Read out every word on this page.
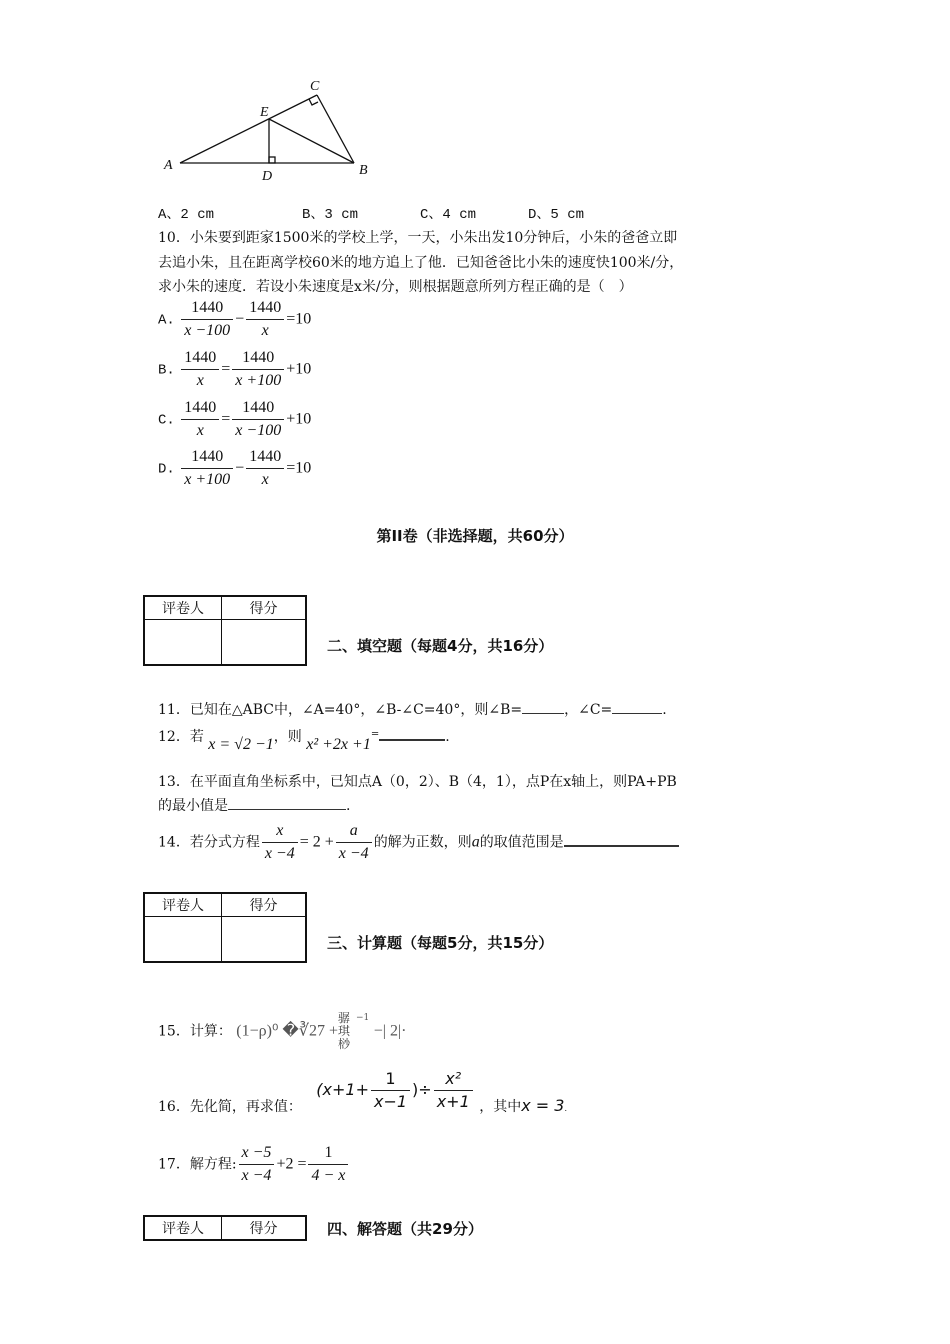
A	B
C
D
E
A、2 cm	B、3 cm	C、4 cm	D、5 cm
10．小朱要到距家1500米的学校上学，一天，小朱出发10分钟后，小朱的爸爸立即
去追小朱，且在距离学校60米的地方追上了他．已知爸爸比小朱的速度快100米/分，
求小朱的速度．若设小朱速度是x米/分，则根据题意所列方程正确的是（　）
A. $\frac{1440}{x -100} - \frac{1440}{x} =10$
B. $\frac{1440}{x} = \frac{1440}{x +100} +10$
C. $\frac{1440}{x} = \frac{1440}{x -100} +10$
D. $\frac{1440}{x +100} - \frac{1440}{x} =10$
第II卷（非选择题，共60分）
评卷人	得分

二、填空题（每题4分，共16分）
11．已知在△ABC中，∠A=40°，∠B-∠C=40°，则∠B=	，∠C=	.
12．若 x = √2 −1，则 x² +2x +1=	.
13．在平面直角坐标系中，已知点A（0，2）、B（4，1），点P在x轴上，则PA+PB
的最小值是	.
14．若分式方程 $\frac{x}{x -4} = 2 + \frac{a}{x -4}$ 的解为正数，则a的取值范围是
评卷人	得分

三、计算题（每题5分，共15分）
15．计算： (1−ρ)⁰ �∛27 +骣琪桫$^{-1}$ −| 2|·
16．先化简，再求值： ($x+1+ \frac{1}{x-1}$ )÷ $\frac{\text{x²}}{x+1}$ ，其中x = 3.
17．解方程: $\frac{x -5}{x -4} +2 = \frac{1}{4 - x}$
评卷人	得分	四、解答题（共29分）
